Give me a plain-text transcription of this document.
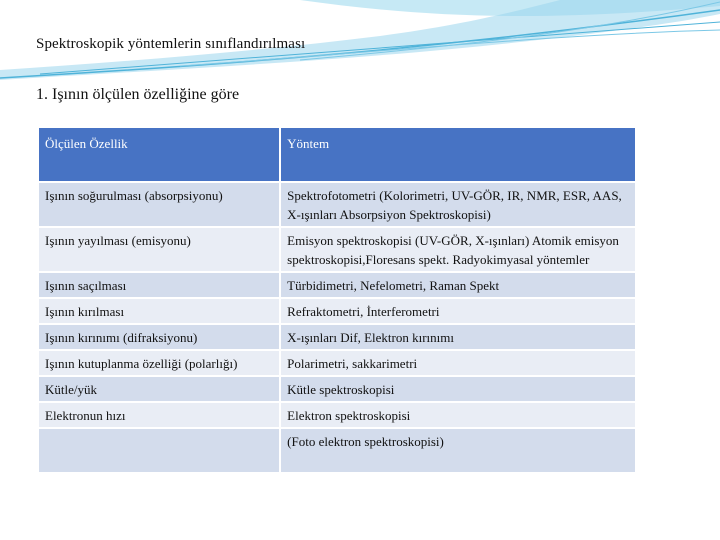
Spektroskopik yöntemlerin sınıflandırılması
1. Işının ölçülen özelliğine göre
Ölçülen Özellik	Yöntem
Işının soğurulması (absorpsiyonu)	Spektrofotometri (Kolorimetri, UV-GÖR, IR, NMR, ESR, AAS, X-ışınları Absorpsiyon Spektroskopisi)
Işının yayılması (emisyonu)	Emisyon spektroskopisi (UV-GÖR, X-ışınları) Atomik emisyon spektroskopisi,Floresans spekt. Radyokimyasal yöntemler
Işının saçılması	Türbidimetri, Nefelometri, Raman Spekt
Işının kırılması	Refraktometri, İnterferometri
Işının kırınımı (difraksiyonu)	X-ışınları Dif, Elektron kırınımı
Işının kutuplanma özelliği (polarlığı)	Polarimetri, sakkarimetri
Kütle/yük	Kütle spektroskopisi
Elektronun hızı	Elektron spektroskopisi
	(Foto elektron spektroskopisi)
